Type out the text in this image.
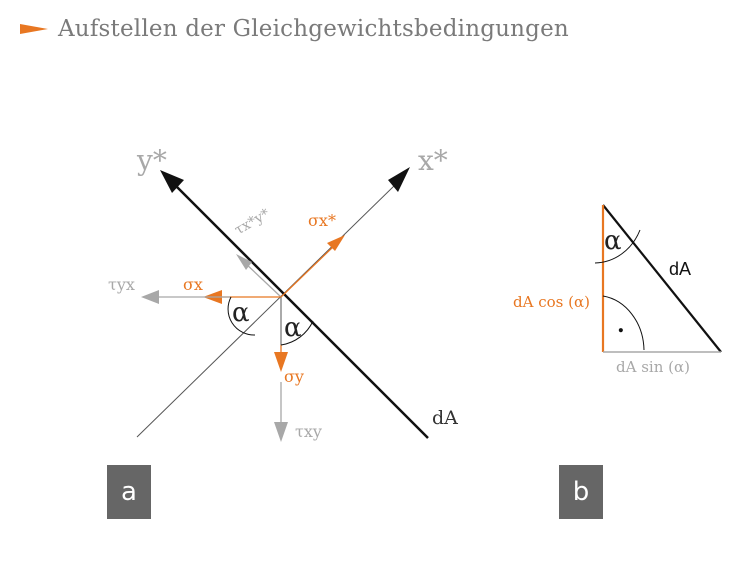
Aufstellen der Gleichgewichtsbedingungen
y*	x*
τx*y* σx*
τyx	σx
α α
σy
τxy
dA
α
dA
dA cos (α)
.
dA sin (α)
a	b
